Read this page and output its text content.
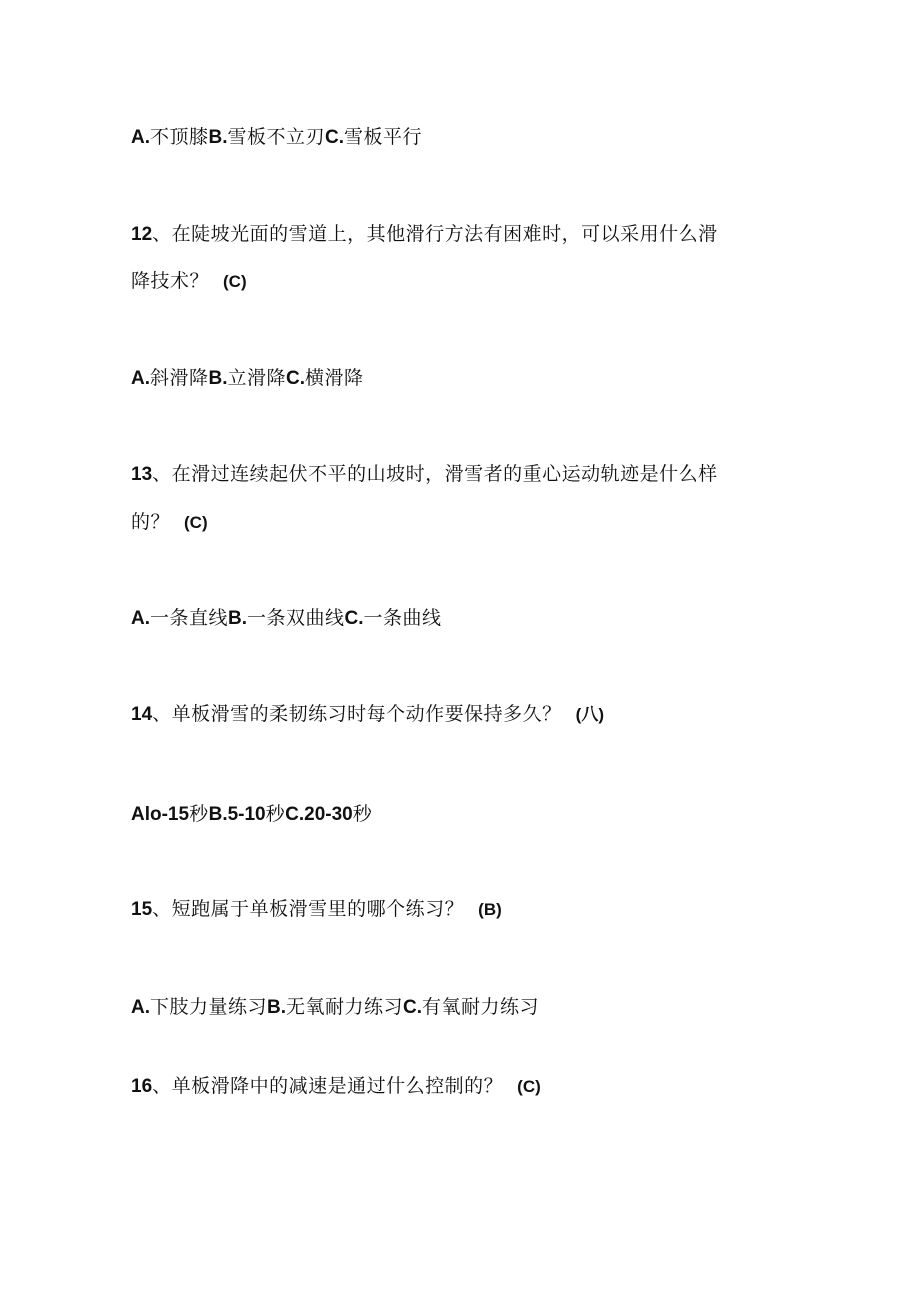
A.不顶膝B.雪板不立刃C.雪板平行
12、在陡坡光面的雪道上，其他滑行方法有困难时，可以采用什么滑
降技术？ (C)
A.斜滑降B.立滑降C.横滑降
13、在滑过连续起伏不平的山坡时，滑雪者的重心运动轨迹是什么样
的？ (C)
A.一条直线B.一条双曲线C.一条曲线
14、单板滑雪的柔韧练习时每个动作要保持多久？ (八)
Alo-15秒B.5-10秒C.20-30秒
15、短跑属于单板滑雪里的哪个练习？ (B)
A.下肢力量练习B.无氧耐力练习C.有氧耐力练习
16、单板滑降中的减速是通过什么控制的？ (C)
